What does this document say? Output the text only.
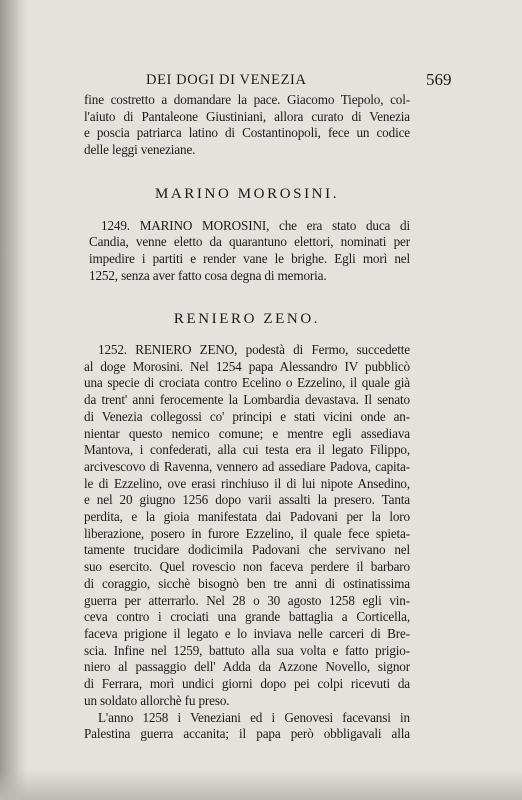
DEI DOGI DI VENEZIA	569
fine costretto a domandare la pace. Giacomo Tiepolo, col-
l'aiuto di Pantaleone Giustiniani, allora curato di Venezia
e poscia patriarca latino di Costantinopoli, fece un codice
delle leggi veneziane.
MARINO MOROSINI.
1249. MARINO MOROSINI, che era stato duca di
Candia, venne eletto da quarantuno elettori, nominati per
impedire i partiti e render vane le brighe. Egli morì nel
1252, senza aver fatto cosa degna di memoria.
RENIERO ZENO.
1252. RENIERO ZENO, podestà di Fermo, succedette
al doge Morosini. Nel 1254 papa Alessandro IV pubblicò
una specie di crociata contro Ecelino o Ezzelino, il quale già
da trent' anni ferocemente la Lombardia devastava. Il senato
di Venezia collegossi co' principi e stati vicini onde an-
nientar questo nemico comune; e mentre egli assediava
Mantova, i confederati, alla cui testa era il legato Filippo,
arcivescovo di Ravenna, vennero ad assediare Padova, capita-
le di Ezzelino, ove erasi rinchiuso il di lui nipote Ansedino,
e nel 20 giugno 1256 dopo varii assalti la presero. Tanta
perdita, e la gioia manifestata dai Padovani per la loro
liberazione, posero in furore Ezzelino, il quale fece spieta-
tamente trucidare dodicimila Padovani che servivano nel
suo esercito. Quel rovescio non faceva perdere il barbaro
di coraggio, sicchè bisognò ben tre anni di ostinatissima
guerra per atterrarlo. Nel 28 o 30 agosto 1258 egli vin-
ceva contro i crociati una grande battaglia a Corticella,
faceva prigione il legato e lo inviava nelle carceri di Bre-
scia. Infine nel 1259, battuto alla sua volta e fatto prigio-
niero al passaggio dell' Adda da Azzone Novello, signor
di Ferrara, morì undici giorni dopo pei colpi ricevuti da
un soldato allorchè fu preso.
L'anno 1258 i Veneziani ed i Genovesi facevansi in
Palestina guerra accanita; il papa però obbligavali alla
